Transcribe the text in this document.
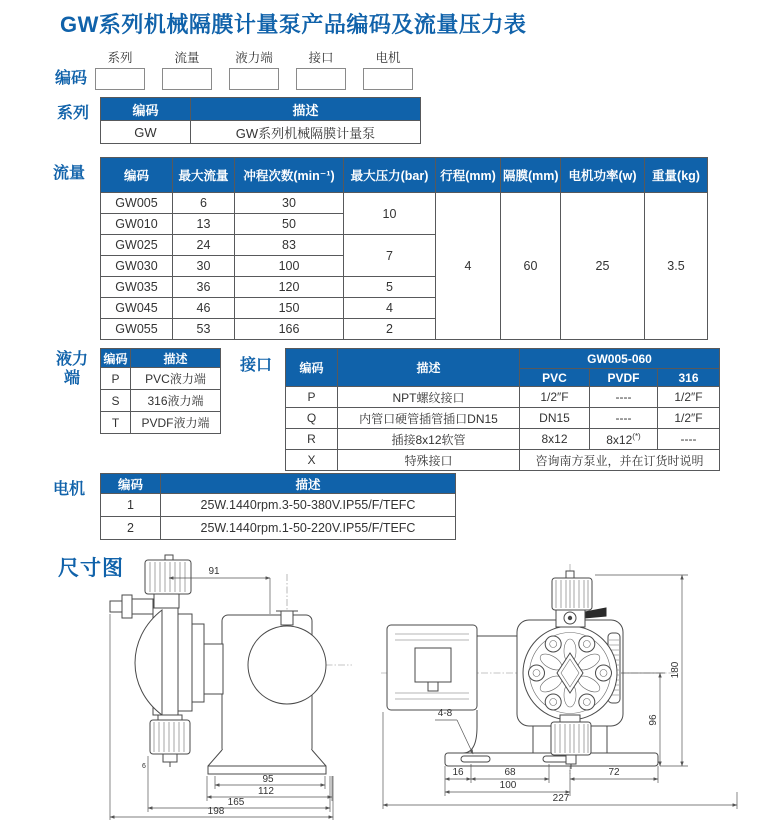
GW系列机械隔膜计量泵产品编码及流量压力表
编码
系列	流量	液力端	接口	电机
系列	编码	描述
GW	GW系列机械隔膜计量泵
流量	编码	最大流量	冲程次数(min⁻¹)	最大压力(bar)	行程(mm)	隔膜(mm)	电机功率(w)	重量(kg)
GW005	6	30	10	4	60	25	3.5
GW010	13	50					
GW025	24	83	7				
GW030	30	100					
GW035	36	120	5				
GW045	46	150	4				
GW055	53	166	2				
液力端
编码	描述
P	PVC液力端
S	316液力端
T	PVDF液力端
接口 编码	描述	GW005-060		
		PVC	PVDF	316
P	NPT螺纹接口	1/2″F	----	1/2″F
Q	内管口硬管插管插口DN15	DN15	----	1/2″F
R	插接8x12软管	8x12	8x12(*)	----
X	特殊接口	咨询南方泵业，并在订货时说明		
电机	编码	描述
1	25W.1440rpm.3-50-380V.IP55/F/TEFC
2	25W.1440rpm.1-50-220V.IP55/F/TEFC
尺寸图	91
6
95
112
165
198
180
96
72
16	68
100
227
4-8
